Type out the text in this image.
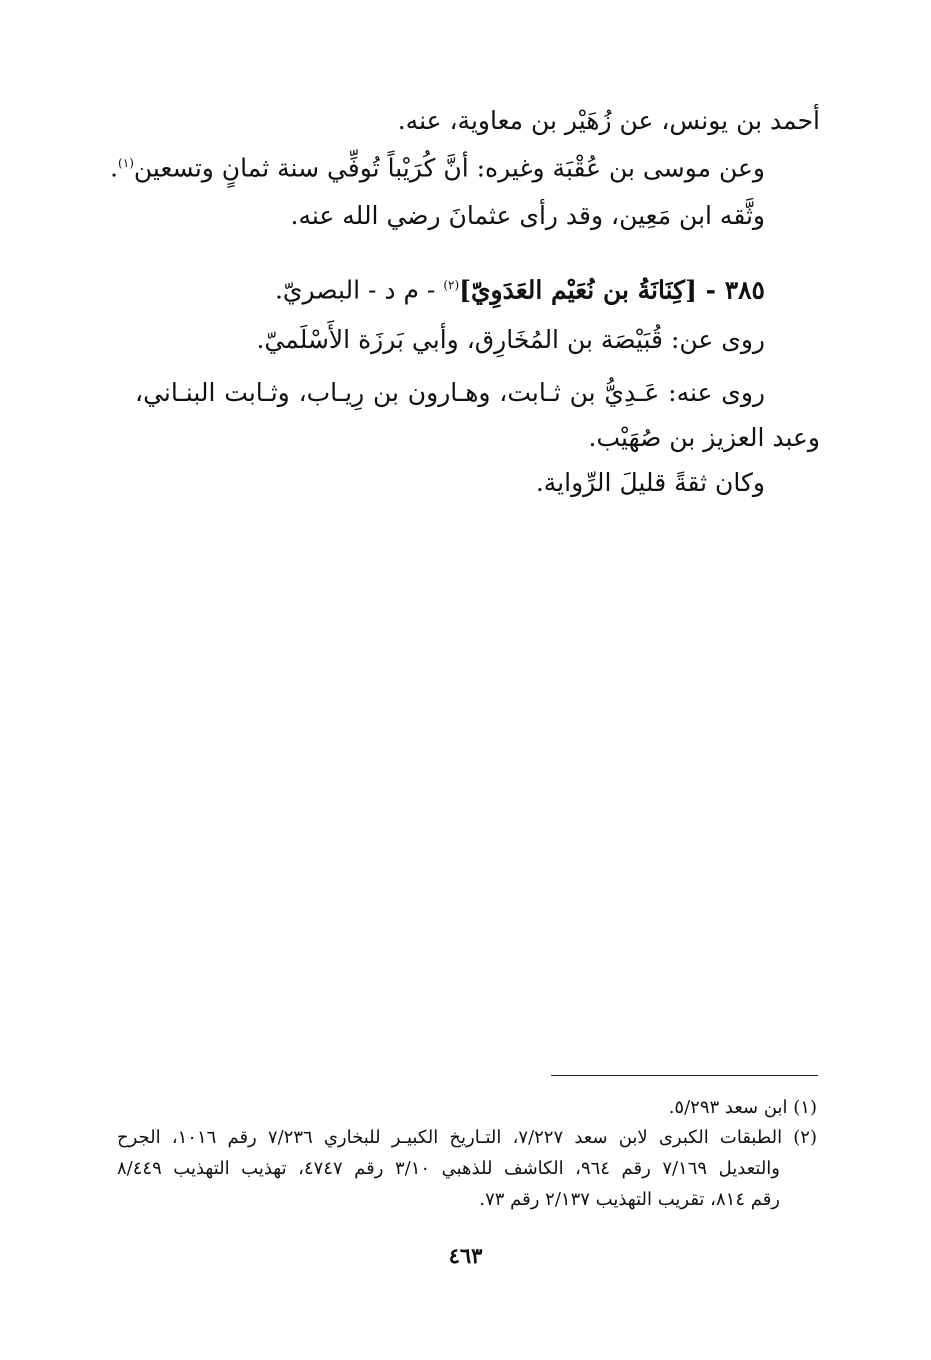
أحمد بن يونس، عن زُهَيْر بن معاوية، عنه.
وعن موسى بن عُقْبَة وغيره: أنَّ كُرَيْباً تُوفِّي سنة ثمانٍ وتسعين$^{(١)}$.
وثَّقه ابن مَعِين، وقد رأى عثمانَ رضي الله عنه.
٣٨٥ - [كِنَانَةُ بن نُعَيْم العَدَوِيّ]$^{(٢)}$ - م د - البصريّ.
روى عن: قُبَيْصَة بن المُخَارِق، وأبي بَرزَة الأَسْلَميّ.
روى عنه: عَـدِيُّ بن ثـابت، وهـارون بن رِيـاب، وثـابت البنـاني،
وعبد العزيز بن صُهَيْب.
وكان ثقةً قليلَ الرِّواية.
(١) ابن سعد ٥/٢٩٣.
(٢) الطبقات الكبرى لابن سعد ٧/٢٢٧، التـاريخ الكبيـر للبخاري ٧/٢٣٦ رقم ١٠١٦، الجرح
والتعديل ٧/١٦٩ رقم ٩٦٤، الكاشف للذهبي ٣/١٠ رقم ٤٧٤٧، تهذيب التهذيب ٨/٤٤٩
رقم ٨١٤، تقريب التهذيب ٢/١٣٧ رقم ٧٣.
٤٦٣
